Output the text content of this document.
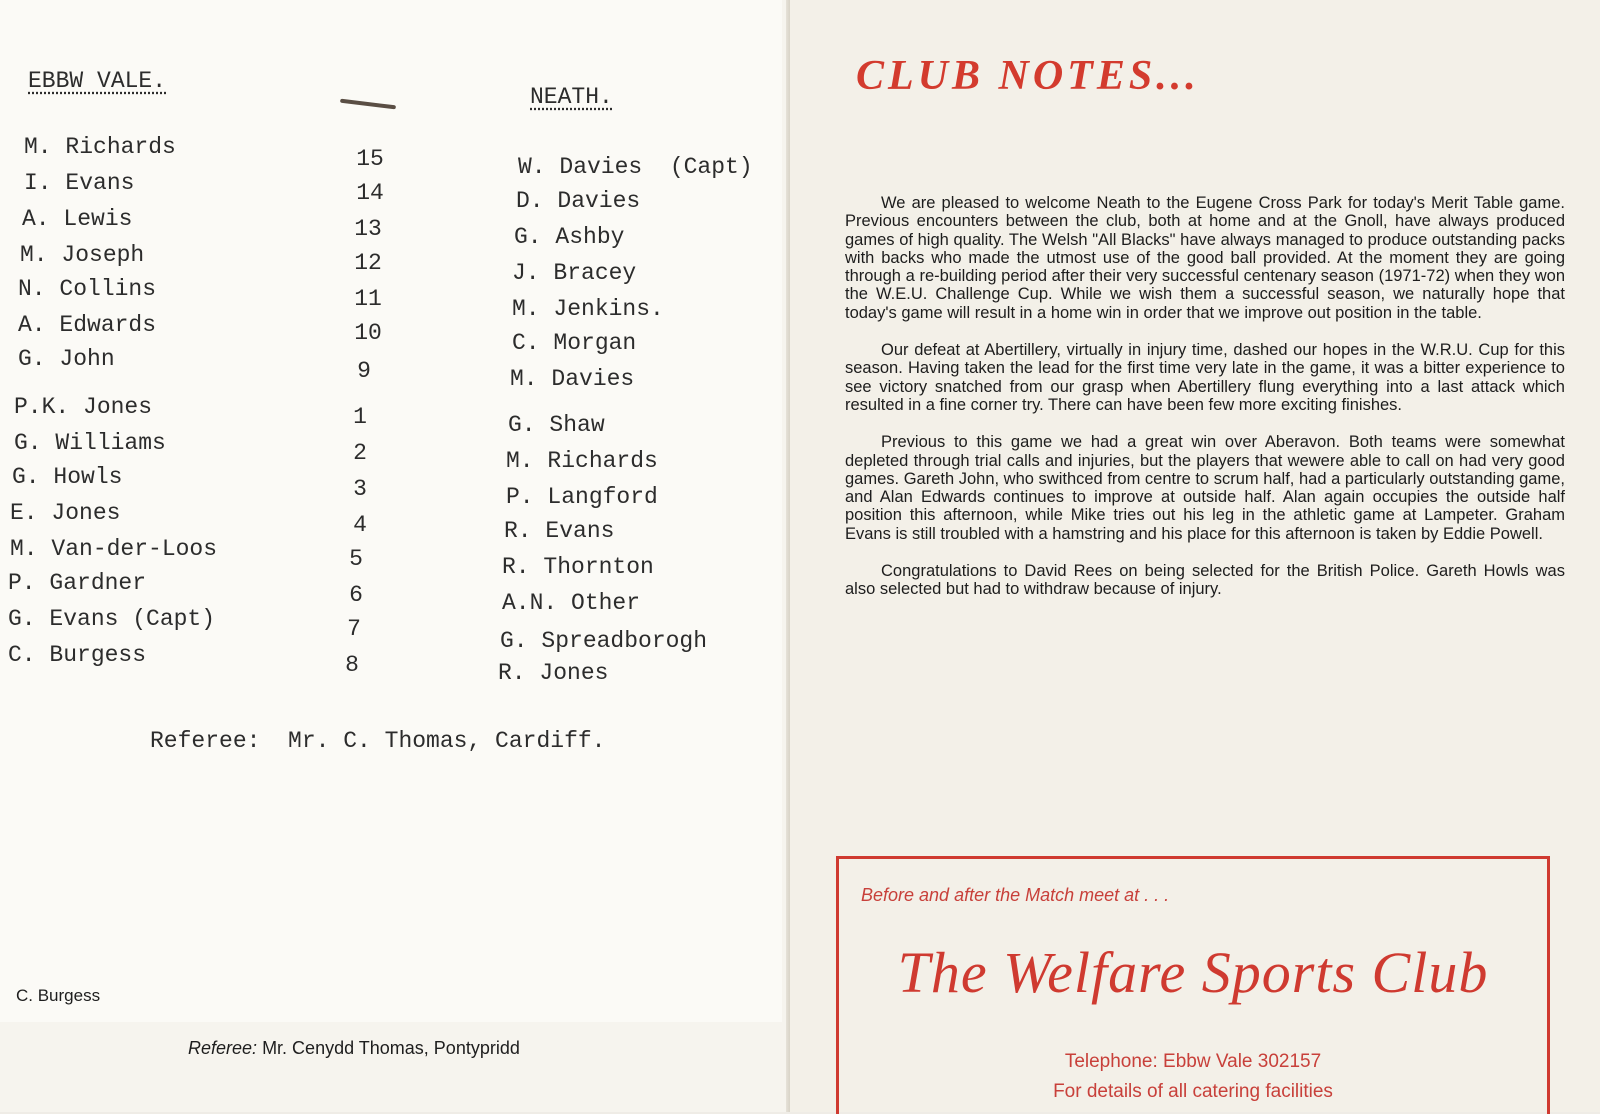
EBBW VALE.
NEATH.
M. Richards	15	W. Davies  (Capt)
I. Evans	14	D. Davies
A. Lewis	13	G. Ashby
M. Joseph	12	J. Bracey
N. Collins	11	M. Jenkins.
A. Edwards	10	C. Morgan
G. John	9	M. Davies
P.K. Jones	1	G. Shaw
G. Williams	2	M. Richards
G. Howls	3	P. Langford
E. Jones	4	R. Evans
M. Van-der-Loos	5	R. Thornton
P. Gardner	6	A.N. Other
G. Evans (Capt)	7	G. Spreadborogh
C. Burgess	8	R. Jones
Referee:  Mr. C. Thomas, Cardiff.
C. Burgess
Referee: Mr. Cenydd Thomas, Pontypridd
CLUB NOTES...

We are pleased to welcome Neath to the Eugene Cross Park for today's Merit Table game. Previous encounters between the club, both at home and at the Gnoll, have always produced games of high quality. The Welsh "All Blacks" have always managed to produce outstanding packs with backs who made the utmost use of the good ball provided. At the moment they are going through a re-building period after their very successful centenary season (1971-72) when they won the W.E.U. Challenge Cup. While we wish them a successful season, we naturally hope that today's game will result in a home win in order that we improve out position in the table.

Our defeat at Abertillery, virtually in injury time, dashed our hopes in the W.R.U. Cup for this season. Having taken the lead for the first time very late in the game, it was a bitter experience to see victory snatched from our grasp when Abertillery flung everything into a last attack which resulted in a fine corner try. There can have been few more exciting finishes.

Previous to this game we had a great win over Aberavon. Both teams were somewhat depleted through trial calls and injuries, but the players that wewere able to call on had very good games. Gareth John, who swithced from centre to scrum half, had a particularly outstanding game, and Alan Edwards continues to improve at outside half. Alan again occupies the outside half position this afternoon, while Mike tries out his leg in the athletic game at Lampeter. Graham Evans is still troubled with a hamstring and his place for this afternoon is taken by Eddie Powell.

Congratulations to David Rees on being selected for the British Police. Gareth Howls was also selected but had to withdraw because of injury.

Before and after the Match meet at . . .
The Welfare Sports Club
Telephone: Ebbw Vale 302157
For details of all catering facilities
